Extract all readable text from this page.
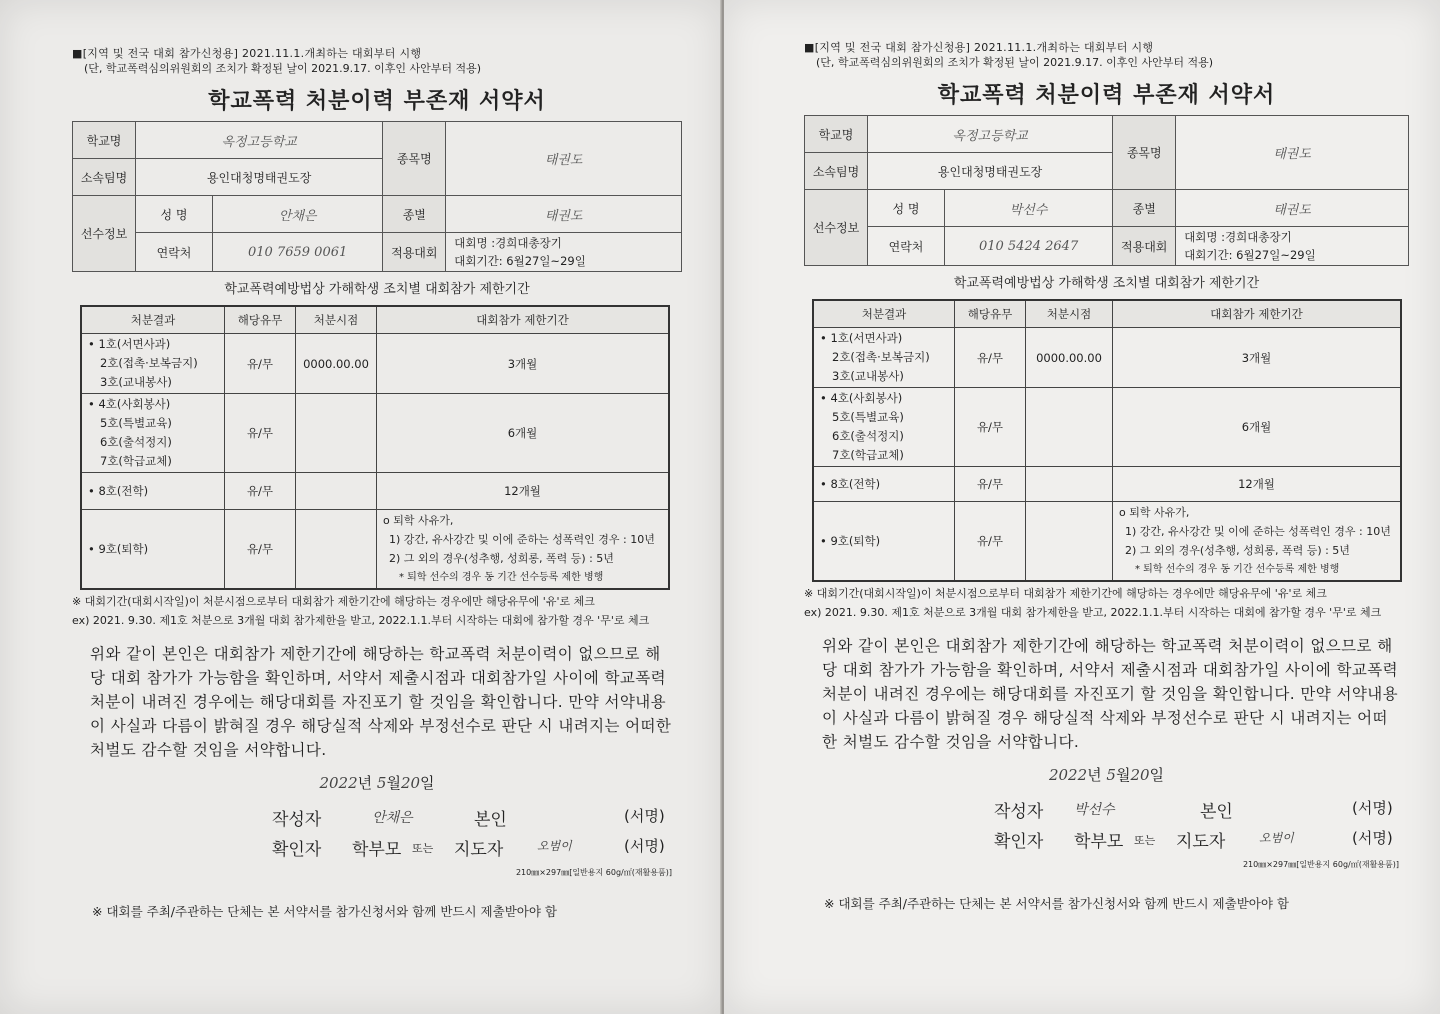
■[지역 및 전국 대회 참가신청용] 2021.11.1.개최하는 대회부터 시행
(단, 학교폭력심의위원회의 조치가 확정된 날이 2021.9.17. 이후인 사안부터 적용)
학교폭력 처분이력 부존재 서약서
학교명	옥정고등학교		종목명	태권도
소속팀명	용인대청명태권도장			
선수정보	성 명	안채은	종별	태권도
	연락처	010 7659 0061	적용대회	대회명 :경희대총장기
대회기간: 6월27일~29일
학교폭력예방법상 가해학생 조치별 대회참가 제한기간
처분결과	해당유무	처분시점	대회참가 제한기간

• 1호(서면사과)
2호(접촉·보복금지)
3호(교내봉사)	유/무	0000.00.00	3개월

• 4호(사회봉사)
5호(특별교육)
6호(출석정지)
7호(학급교체)	유/무		6개월
• 8호(전학)	유/무		12개월
• 9호(퇴학)	유/무		o 퇴학 사유가,
1) 강간, 유사강간 및 이에 준하는 성폭력인 경우 : 10년
2) 그 외의 경우(성추행, 성희롱, 폭력 등) : 5년
* 퇴학 선수의 경우 동 기간 선수등록 제한 병행
※ 대회기간(대회시작일)이 처분시점으로부터 대회참가 제한기간에 해당하는 경우에만 해당유무에 '유'로 체크
ex) 2021. 9.30. 제1호 처분으로 3개월 대회 참가제한을 받고, 2022.1.1.부터 시작하는 대회에 참가할 경우 '무'로 체크
위와 같이 본인은 대회참가 제한기간에 해당하는 학교폭력 처분이력이 없으므로 해당 대회 참가가 가능함을 확인하며, 서약서 제출시점과 대회참가일 사이에 학교폭력 처분이 내려진 경우에는 해당대회를 자진포기 할 것임을 확인합니다. 만약 서약내용이 사실과 다름이 밝혀질 경우 해당실적 삭제와 부정선수로 판단 시 내려지는 어떠한 처벌도 감수할 것임을 서약합니다.
2022년 5월20일
작성자	안채은	본인	(서명)
확인자 학부모 또는 지도자	오범이	(서명)
210㎜×297㎜[일반용지 60g/㎡(재활용품)]
※ 대회를 주최/주관하는 단체는 본 서약서를 참가신청서와 함께 반드시 제출받아야 함
■[지역 및 전국 대회 참가신청용] 2021.11.1.개최하는 대회부터 시행
(단, 학교폭력심의위원회의 조치가 확정된 날이 2021.9.17. 이후인 사안부터 적용)
학교폭력 처분이력 부존재 서약서
학교명	옥정고등학교		종목명	태권도
소속팀명	용인대청명태권도장			
선수정보	성 명	박선수	종별	태권도
	연락처	010 5424 2647	적용대회	대회명 :경희대총장기
대회기간: 6월27일~29일
학교폭력예방법상 가해학생 조치별 대회참가 제한기간
처분결과	해당유무	처분시점	대회참가 제한기간

• 1호(서면사과)
2호(접촉·보복금지)
3호(교내봉사)	유/무	0000.00.00	3개월

• 4호(사회봉사)
5호(특별교육)
6호(출석정지)
7호(학급교체)	유/무		6개월
• 8호(전학)	유/무		12개월
• 9호(퇴학)	유/무		o 퇴학 사유가,
1) 강간, 유사강간 및 이에 준하는 성폭력인 경우 : 10년
2) 그 외의 경우(성추행, 성희롱, 폭력 등) : 5년
* 퇴학 선수의 경우 동 기간 선수등록 제한 병행
※ 대회기간(대회시작일)이 처분시점으로부터 대회참가 제한기간에 해당하는 경우에만 해당유무에 '유'로 체크
ex) 2021. 9.30. 제1호 처분으로 3개월 대회 참가제한을 받고, 2022.1.1.부터 시작하는 대회에 참가할 경우 '무'로 체크
위와 같이 본인은 대회참가 제한기간에 해당하는 학교폭력 처분이력이 없으므로 해당 대회 참가가 가능함을 확인하며, 서약서 제출시점과 대회참가일 사이에 학교폭력 처분이 내려진 경우에는 해당대회를 자진포기 할 것임을 확인합니다. 만약 서약내용이 사실과 다름이 밝혀질 경우 해당실적 삭제와 부정선수로 판단 시 내려지는 어떠한 처벌도 감수할 것임을 서약합니다.
2022년 5월20일
작성자 박선수	본인	(서명)
확인자 학부모 또는 지도자	오범이	(서명)
210㎜×297㎜[일반용지 60g/㎡(재활용품)]
※ 대회를 주최/주관하는 단체는 본 서약서를 참가신청서와 함께 반드시 제출받아야 함
